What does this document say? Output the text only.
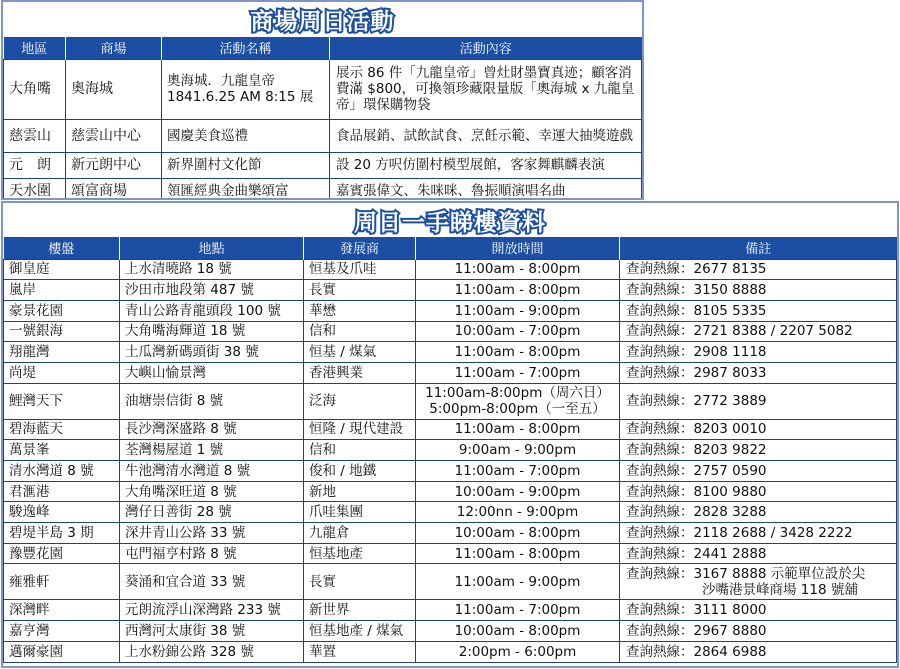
商場周日活動
地區	商場	活動名稱	活動內容
大角嘴	奧海城	奧海城．九龍皇帝
1841.6.25 AM 8:15 展	展示 86 件「九龍皇帝」曾灶財墨寶真迹；顧客消費滿 $800，可換領珍藏限量版「奧海城 x 九龍皇帝」環保購物袋
慈雲山	慈雲山中心	國慶美食巡禮	食品展銷、試飲試食、烹飪示範、幸運大抽獎遊戲
元　朗	新元朗中心	新界圍村文化節	設 20 方呎仿圍村模型展館，客家舞麒麟表演
天水圍	頌富商場	領匯經典金曲樂頌富	嘉賓張偉文、朱咪咪、魯振順演唱名曲
周日一手睇樓資料
樓盤	地點	發展商	開放時間	備註
御皇庭	上水清曉路 18 號	恒基及爪哇	11:00am - 8:00pm	查詢熱線：2677 8135

嵐岸	沙田市地段第 487 號	長實	11:00am - 8:00pm	查詢熱線：3150 8888

豪景花園	青山公路青龍頭段 100 號	華懋	11:00am - 9:00pm	查詢熱線：8105 5335

一號銀海	大角嘴海輝道 18 號	信和	10:00am - 7:00pm	查詢熱線：2721 8388 / 2207 5082

翔龍灣	土瓜灣新碼頭街 38 號	恒基 / 煤氣	11:00am - 8:00pm	查詢熱線：2908 1118

尚堤	大嶼山愉景灣	香港興業	11:00am - 7:00pm	查詢熱線：2987 8033

鯉灣天下	油塘崇信街 8 號	泛海	11:00am-8:00pm（周六日）
5:00pm-8:00pm（一至五）	查詢熱線：2772 3889

碧海藍天	長沙灣深盛路 8 號	恒隆 / 現代建設	11:00am - 8:00pm	查詢熱線：8203 0010

萬景峯	荃灣楊屋道 1 號	信和	9:00am - 9:00pm	查詢熱線：8203 9822

清水灣道 8 號	牛池灣清水灣道 8 號	俊和 / 地鐵	11:00am - 7:00pm	查詢熱線：2757 0590

君滙港	大角嘴深旺道 8 號	新地	10:00am - 9:00pm	查詢熱線：8100 9880

駿逸峰	灣仔日善街 28 號	爪哇集團	12:00nn - 9:00pm	查詢熱線：2828 3288

碧堤半島 3 期	深井青山公路 33 號	九龍倉	10:00am - 8:00pm	查詢熱線：2118 2688 / 3428 2222

豫豐花園	屯門福亨村路 8 號	恒基地產	11:00am - 8:00pm	查詢熱線：2441 2888

雍雅軒	葵涌和宜合道 33 號	長實	11:00am - 9:00pm	查詢熱線：3167 8888 示範單位設於尖
沙嘴港景峰商場 118 號舖

深灣畔	元朗流浮山深灣路 233 號	新世界	11:00am - 7:00pm	查詢熱線：3111 8000

嘉亨灣	西灣河太康街 38 號	恒基地產 / 煤氣	10:00am - 8:00pm	查詢熱線：2967 8880

邁爾豪園	上水粉錦公路 328 號	華置	2:00pm - 6:00pm	查詢熱線：2864 6988
